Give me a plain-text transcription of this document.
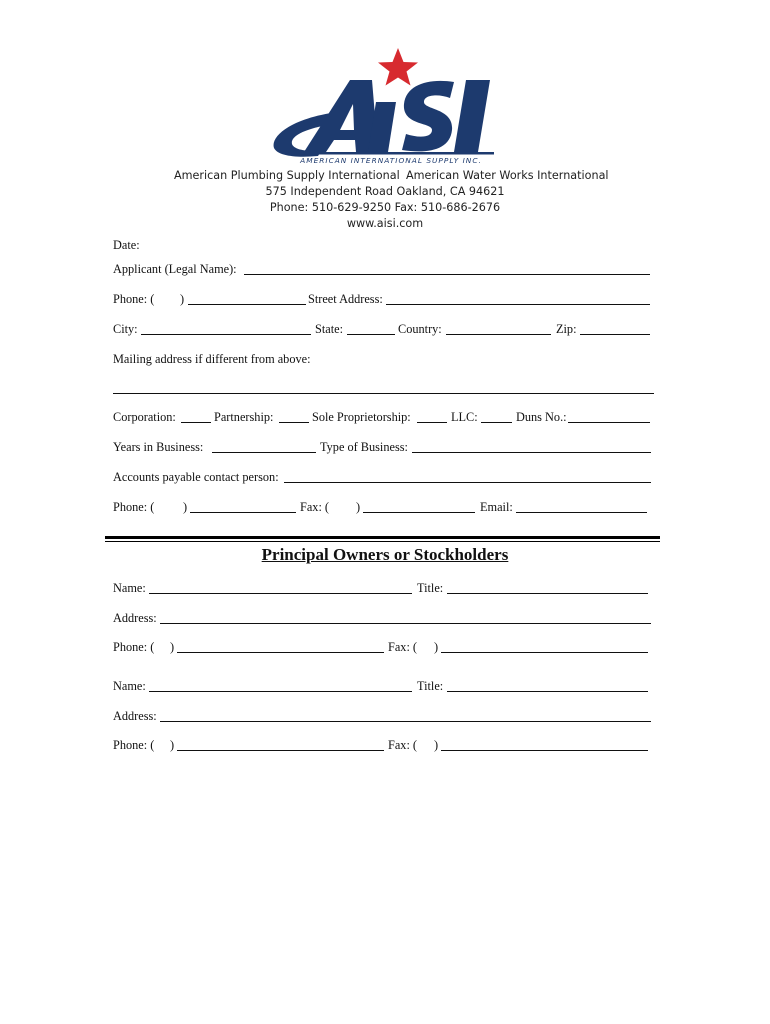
AMERICAN INTERNATIONAL SUPPLY INC.
American Plumbing Supply International American Water Works International
575 Independent Road Oakland, CA 94621
Phone: 510-629-9250 Fax: 510-686-2676
www.aisi.com
Date:
Applicant (Legal Name):
Phone: ( )	Street Address:
City:	State:	Country:	Zip:
Mailing address if different from above:
Corporation:	Partnership:	Sole Proprietorship:	LLC:	Duns No.:
Years in Business:	Type of Business:
Accounts payable contact person:
Phone: ( )	Fax: ( )	Email:
Principal Owners or Stockholders
Name:	Title:
Address:
Phone: ( )	Fax: ( )
Name:	Title:
Address:
Phone: ( )	Fax: ( )
